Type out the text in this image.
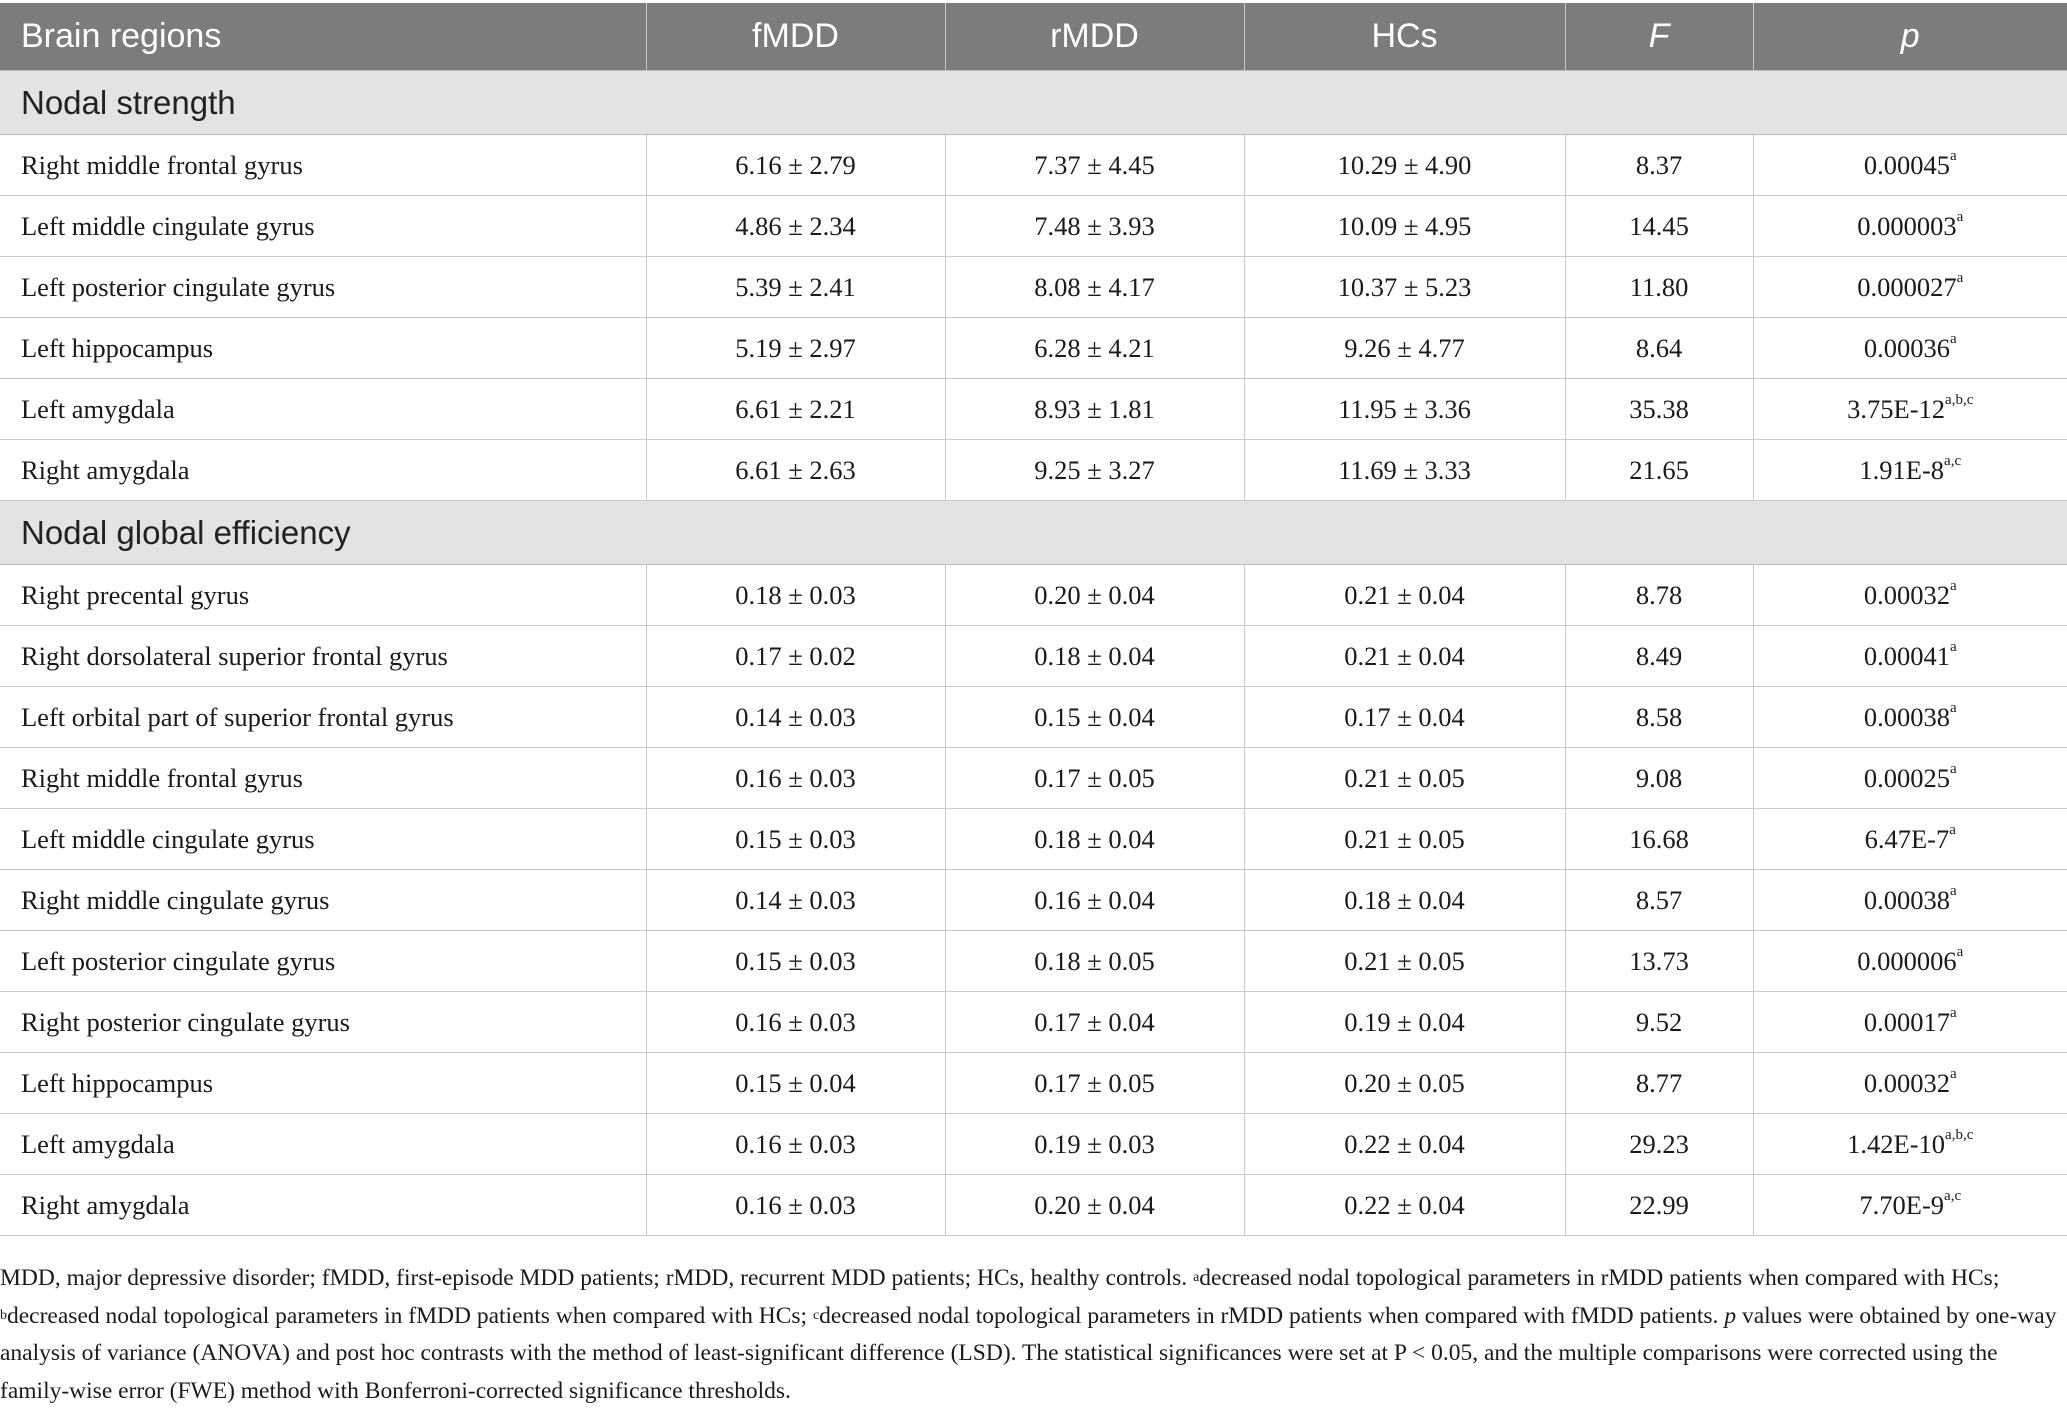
Brain regions	fMDD	rMDD	HCs	F	p
Nodal strength					
Right middle frontal gyrus	6.16 ± 2.79	7.37 ± 4.45	10.29 ± 4.90	8.37	0.00045$^a$
Left middle cingulate gyrus	4.86 ± 2.34	7.48 ± 3.93	10.09 ± 4.95	14.45	0.000003$^a$
Left posterior cingulate gyrus	5.39 ± 2.41	8.08 ± 4.17	10.37 ± 5.23	11.80	0.000027$^a$
Left hippocampus	5.19 ± 2.97	6.28 ± 4.21	9.26 ± 4.77	8.64	0.00036$^a$
Left amygdala	6.61 ± 2.21	8.93 ± 1.81	11.95 ± 3.36	35.38	3.75E-12$^{a,b,c}$
Right amygdala	6.61 ± 2.63	9.25 ± 3.27	11.69 ± 3.33	21.65	1.91E-8$^{a,c}$
Nodal global efficiency					
Right precental gyrus	0.18 ± 0.03	0.20 ± 0.04	0.21 ± 0.04	8.78	0.00032$^a$
Right dorsolateral superior frontal gyrus	0.17 ± 0.02	0.18 ± 0.04	0.21 ± 0.04	8.49	0.00041$^a$
Left orbital part of superior frontal gyrus	0.14 ± 0.03	0.15 ± 0.04	0.17 ± 0.04	8.58	0.00038$^a$
Right middle frontal gyrus	0.16 ± 0.03	0.17 ± 0.05	0.21 ± 0.05	9.08	0.00025$^a$
Left middle cingulate gyrus	0.15 ± 0.03	0.18 ± 0.04	0.21 ± 0.05	16.68	6.47E-7$^a$
Right middle cingulate gyrus	0.14 ± 0.03	0.16 ± 0.04	0.18 ± 0.04	8.57	0.00038$^a$
Left posterior cingulate gyrus	0.15 ± 0.03	0.18 ± 0.05	0.21 ± 0.05	13.73	0.000006$^a$
Right posterior cingulate gyrus	0.16 ± 0.03	0.17 ± 0.04	0.19 ± 0.04	9.52	0.00017$^a$
Left hippocampus	0.15 ± 0.04	0.17 ± 0.05	0.20 ± 0.05	8.77	0.00032$^a$
Left amygdala	0.16 ± 0.03	0.19 ± 0.03	0.22 ± 0.04	29.23	1.42E-10$^{a,b,c}$
Right amygdala	0.16 ± 0.03	0.20 ± 0.04	0.22 ± 0.04	22.99	7.70E-9$^{a,c}$
MDD, major depressive disorder; fMDD, first-episode MDD patients; rMDD, recurrent MDD patients; HCs, healthy controls. $^a$decreased nodal topological parameters in rMDD patients when compared with HCs; $^b$decreased nodal topological parameters in fMDD patients when compared with HCs; $^c$decreased nodal topological parameters in rMDD patients when compared with fMDD patients. p values were obtained by one-way analysis of variance (ANOVA) and post hoc contrasts with the method of least-significant difference (LSD). The statistical significances were set at P < 0.05, and the multiple comparisons were corrected using the family-wise error (FWE) method with Bonferroni-corrected significance thresholds.
